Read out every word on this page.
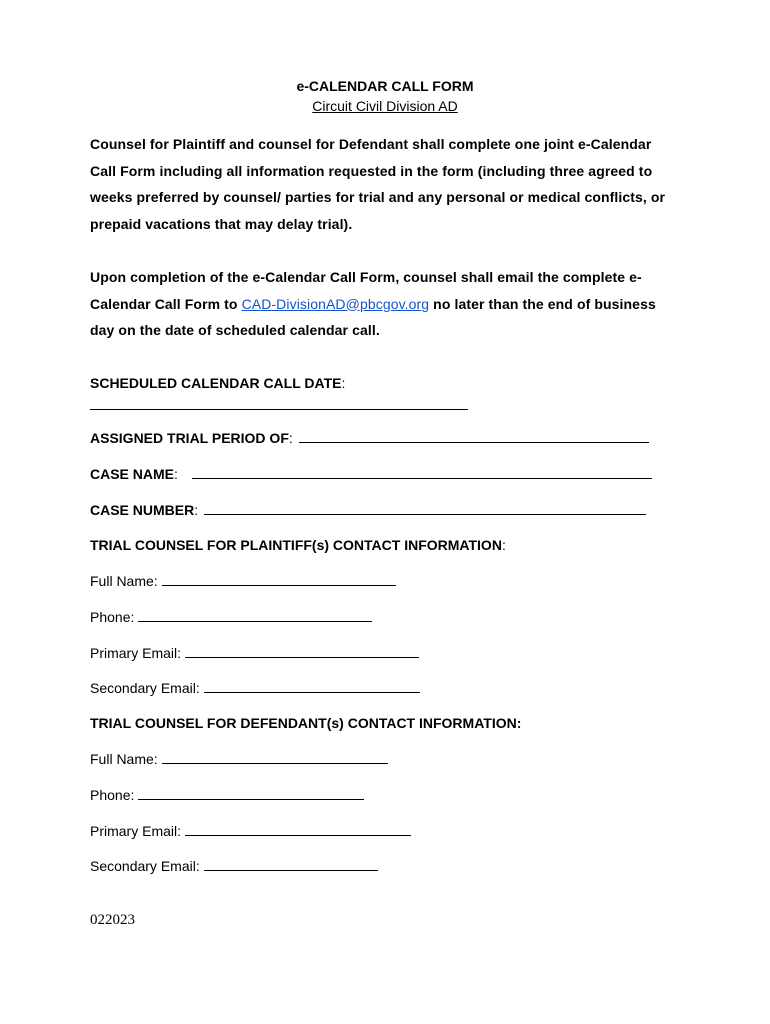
e-CALENDAR CALL FORM
Circuit Civil Division AD
Counsel for Plaintiff and counsel for Defendant shall complete one joint e-Calendar Call Form including all information requested in the form (including three agreed to weeks preferred by counsel/ parties for trial and any personal or medical conflicts, or prepaid vacations that may delay trial).
Upon completion of the e-Calendar Call Form, counsel shall email the complete e-Calendar Call Form to CAD-DivisionAD@pbcgov.org no later than the end of business day on the date of scheduled calendar call.
SCHEDULED CALENDAR CALL DATE :
ASSIGNED TRIAL PERIOD OF :
CASE NAME :
CASE NUMBER :
TRIAL COUNSEL FOR PLAINTIFF(s) CONTACT INFORMATION :
Full Name:
Phone:
Primary Email:
Secondary Email:
TRIAL COUNSEL FOR DEFENDANT(s) CONTACT INFORMATION:
Full Name:
Phone:
Primary Email:
Secondary Email:
022023
